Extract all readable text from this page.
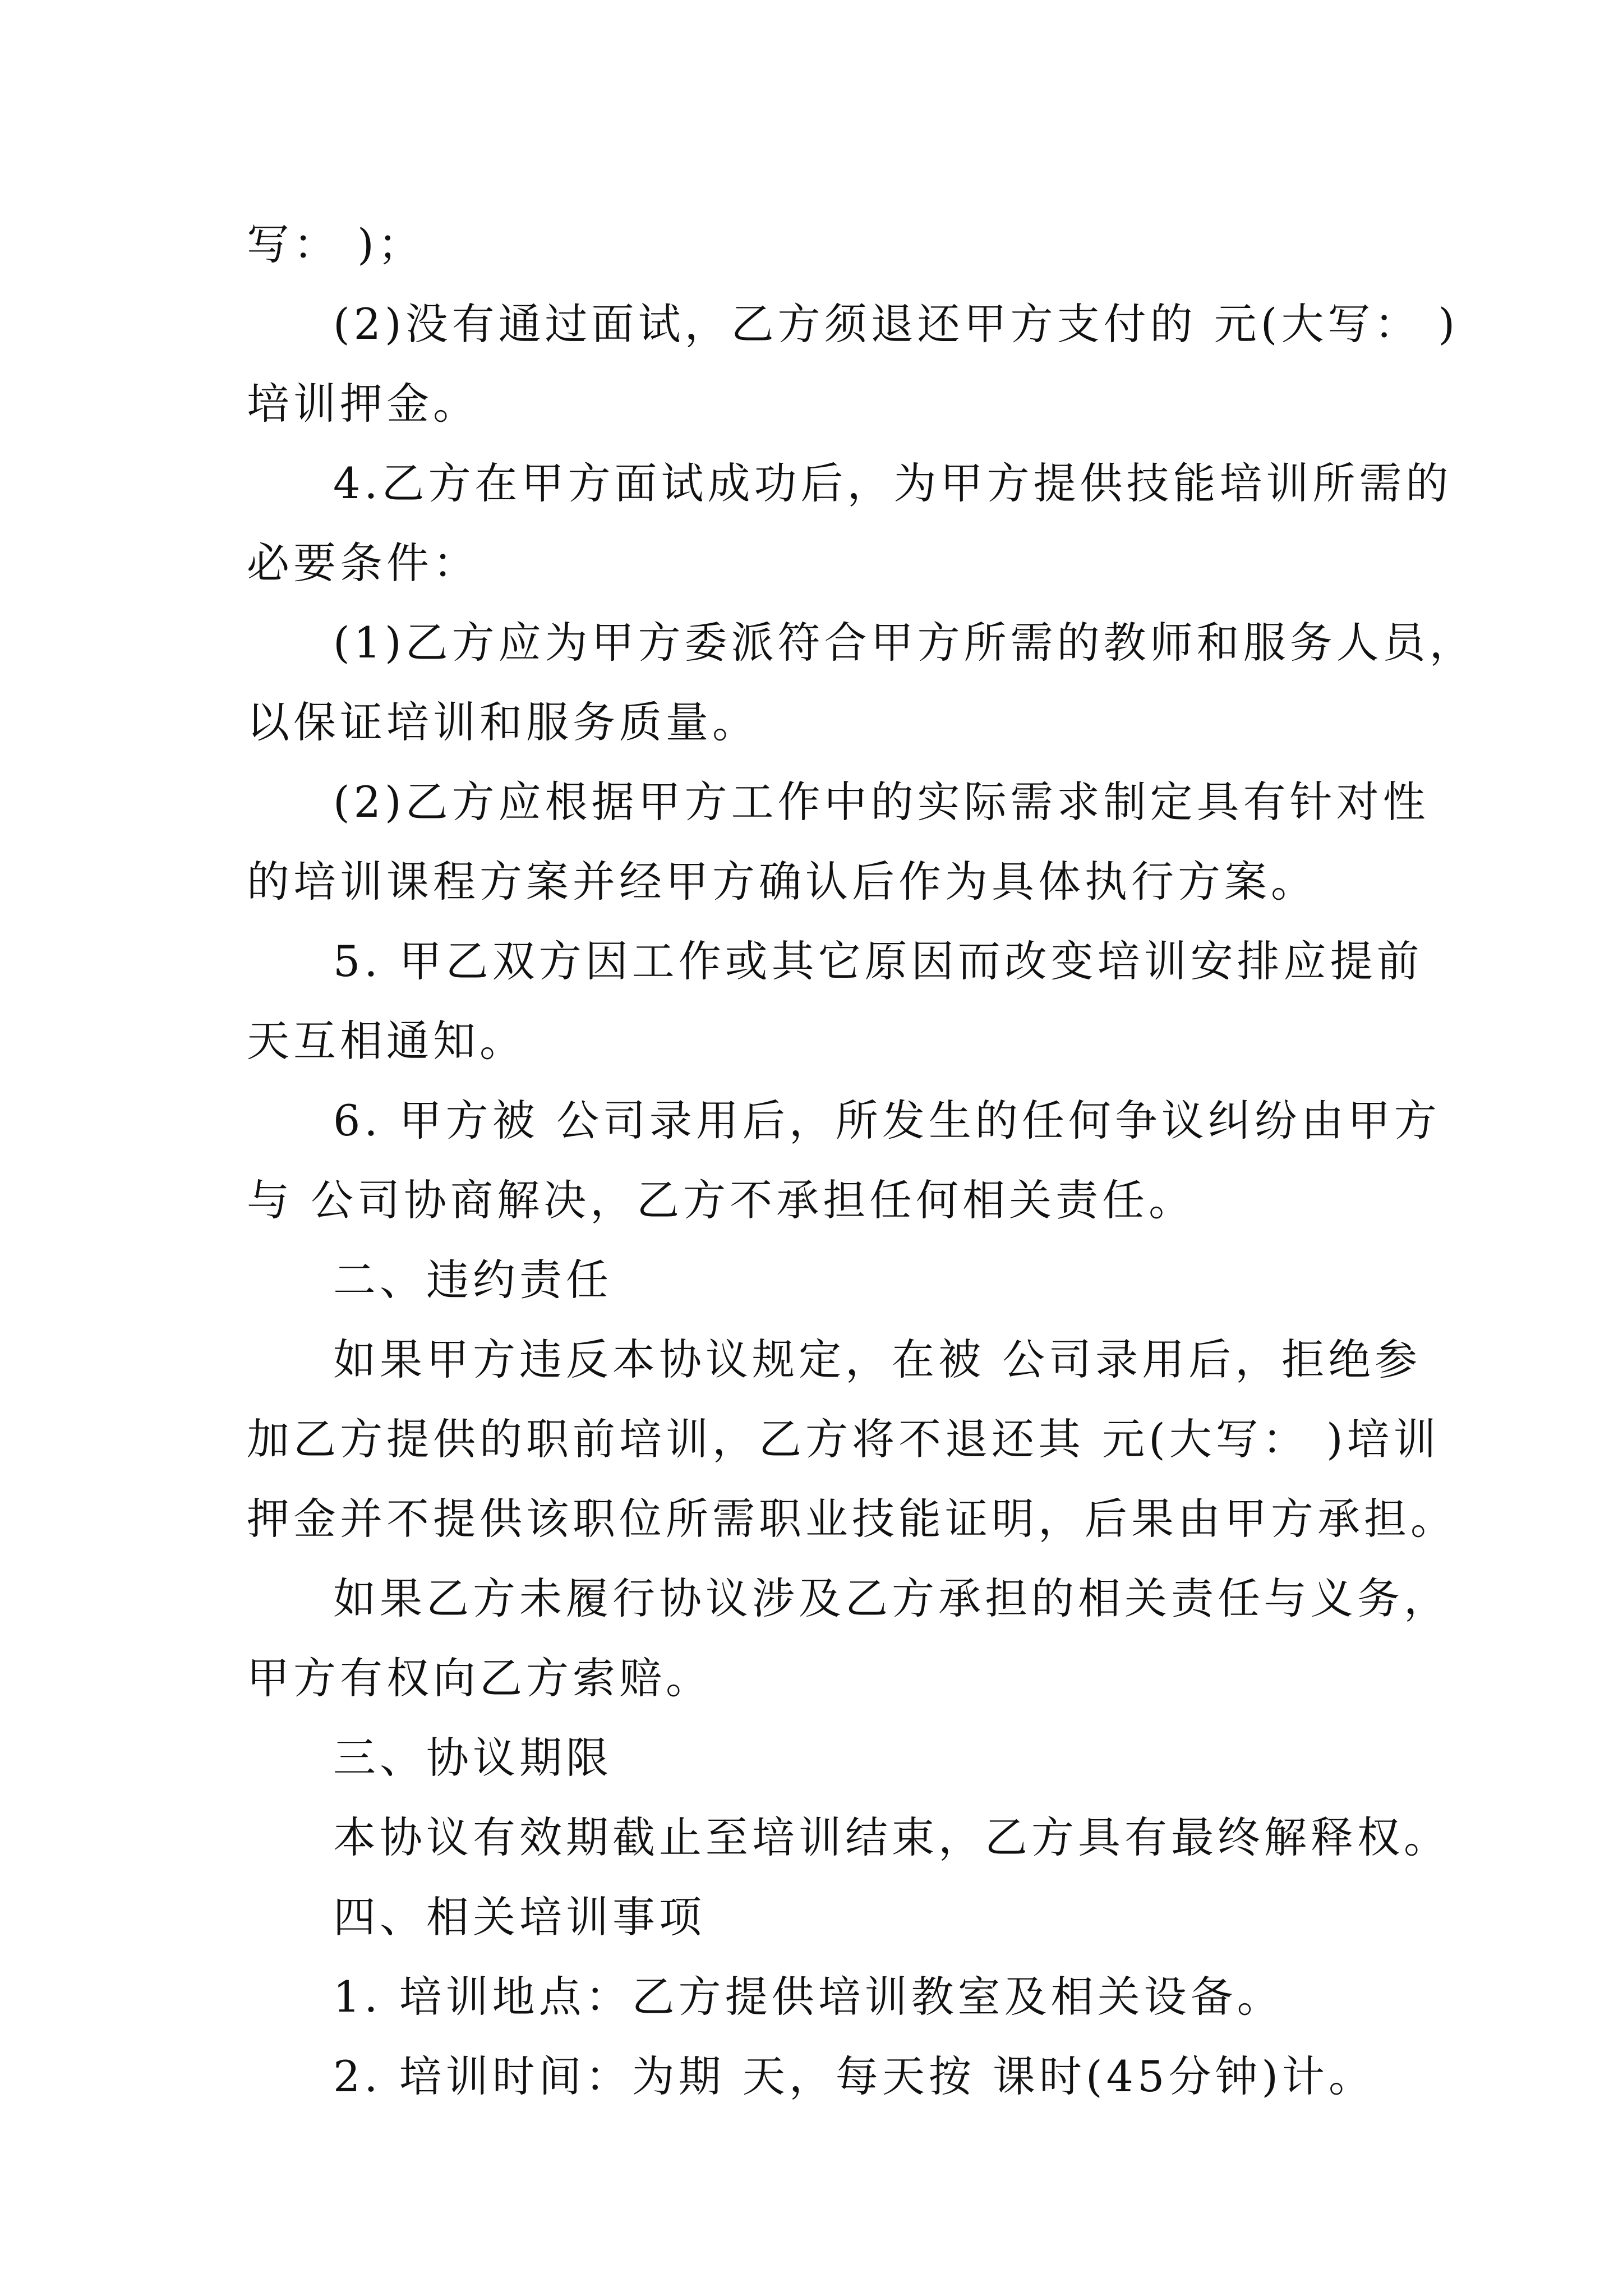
写： )；

(2)没有通过面试，乙方须退还甲方支付的 元(大写： )

培训押金。

4.乙方在甲方面试成功后，为甲方提供技能培训所需的

必要条件：

(1)乙方应为甲方委派符合甲方所需的教师和服务人员，

以保证培训和服务质量。

(2)乙方应根据甲方工作中的实际需求制定具有针对性

的培训课程方案并经甲方确认后作为具体执行方案。

5. 甲乙双方因工作或其它原因而改变培训安排应提前

天互相通知。

6. 甲方被 公司录用后，所发生的任何争议纠纷由甲方

与 公司协商解决，乙方不承担任何相关责任。

二、违约责任

如果甲方违反本协议规定，在被 公司录用后，拒绝参

加乙方提供的职前培训，乙方将不退还其 元(大写： )培训

押金并不提供该职位所需职业技能证明，后果由甲方承担。

如果乙方未履行协议涉及乙方承担的相关责任与义务，

甲方有权向乙方索赔。

三、协议期限

本协议有效期截止至培训结束，乙方具有最终解释权。

四、相关培训事项

1. 培训地点：乙方提供培训教室及相关设备。

2. 培训时间：为期 天，每天按 课时(45分钟)计。
